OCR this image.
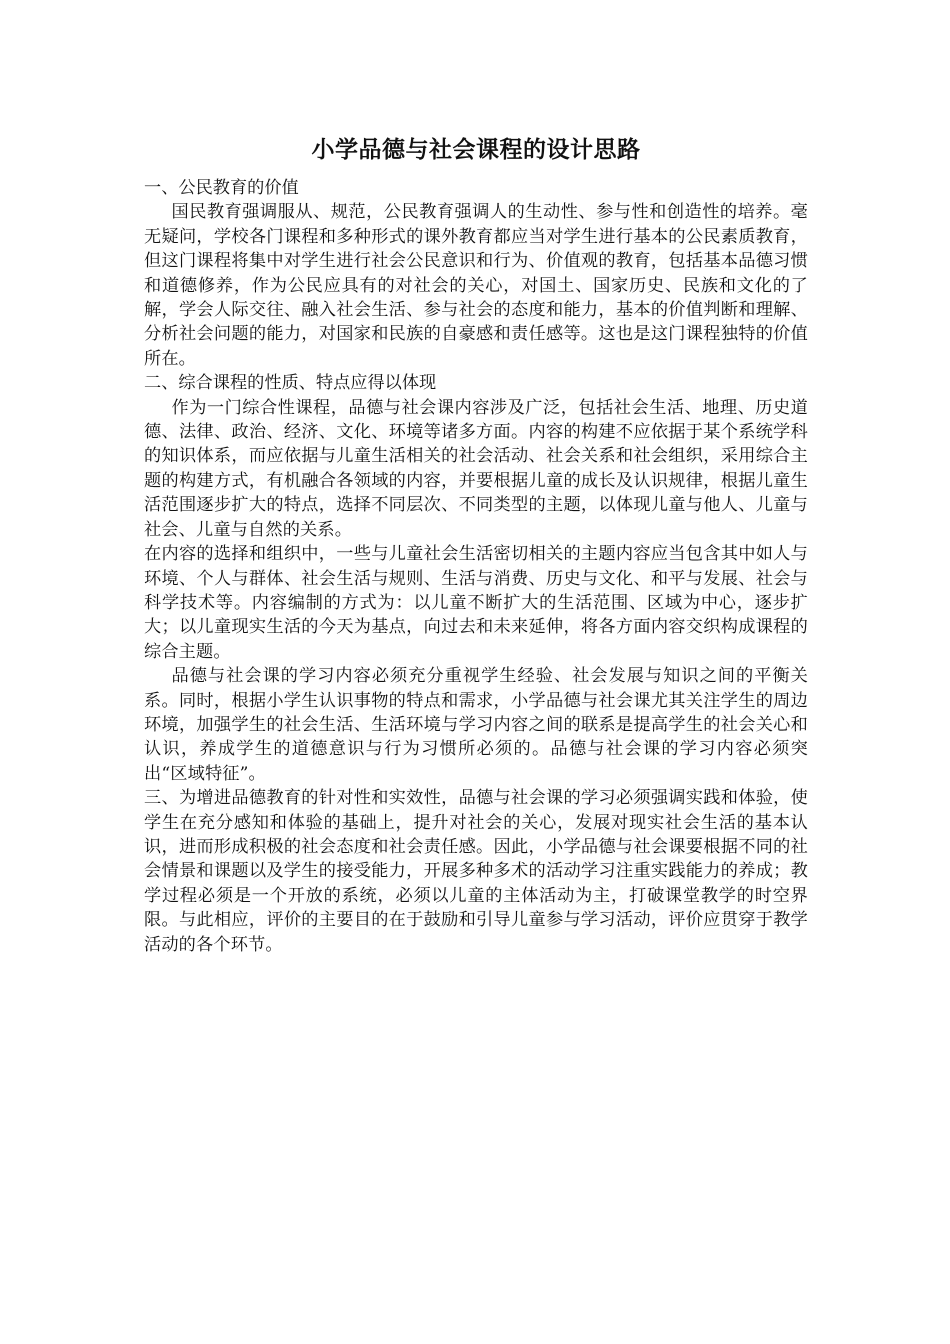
小学品德与社会课程的设计思路

一、公民教育的价值

国民教育强调服从、规范，公民教育强调人的生动性、参与性和创造性的培养。毫无疑问，学校各门课程和多种形式的课外教育都应当对学生进行基本的公民素质教育，但这门课程将集中对学生进行社会公民意识和行为、价值观的教育，包括基本品德习惯和道德修养，作为公民应具有的对社会的关心，对国土、国家历史、民族和文化的了解，学会人际交往、融入社会生活、参与社会的态度和能力，基本的价值判断和理解、分析社会问题的能力，对国家和民族的自豪感和责任感等。这也是这门课程独特的价值所在。

二、综合课程的性质、特点应得以体现

作为一门综合性课程，品德与社会课内容涉及广泛，包括社会生活、地理、历史道德、法律、政治、经济、文化、环境等诸多方面。内容的构建不应依据于某个系统学科的知识体系，而应依据与儿童生活相关的社会活动、社会关系和社会组织，采用综合主题的构建方式，有机融合各领域的内容，并要根据儿童的成长及认识规律，根据儿童生活范围逐步扩大的特点，选择不同层次、不同类型的主题，以体现儿童与他人、儿童与社会、儿童与自然的关系。

在内容的选择和组织中，一些与儿童社会生活密切相关的主题内容应当包含其中如人与环境、个人与群体、社会生活与规则、生活与消费、历史与文化、和平与发展、社会与科学技术等。内容编制的方式为：以儿童不断扩大的生活范围、区域为中心，逐步扩大；以儿童现实生活的今天为基点，向过去和未来延伸，将各方面内容交织构成课程的综合主题。

品德与社会课的学习内容必须充分重视学生经验、社会发展与知识之间的平衡关系。同时，根据小学生认识事物的特点和需求，小学品德与社会课尤其关注学生的周边环境，加强学生的社会生活、生活环境与学习内容之间的联系是提高学生的社会关心和认识，养成学生的道德意识与行为习惯所必须的。品德与社会课的学习内容必须突出“区域特征”。

三、为增进品德教育的针对性和实效性，品德与社会课的学习必须强调实践和体验，使学生在充分感知和体验的基础上，提升对社会的关心，发展对现实社会生活的基本认识，进而形成积极的社会态度和社会责任感。因此，小学品德与社会课要根据不同的社会情景和课题以及学生的接受能力，开展多种多术的活动学习注重实践能力的养成；教学过程必须是一个开放的系统，必须以儿童的主体活动为主，打破课堂教学的时空界限。与此相应，评价的主要目的在于鼓励和引导儿童参与学习活动，评价应贯穿于教学活动的各个环节。
